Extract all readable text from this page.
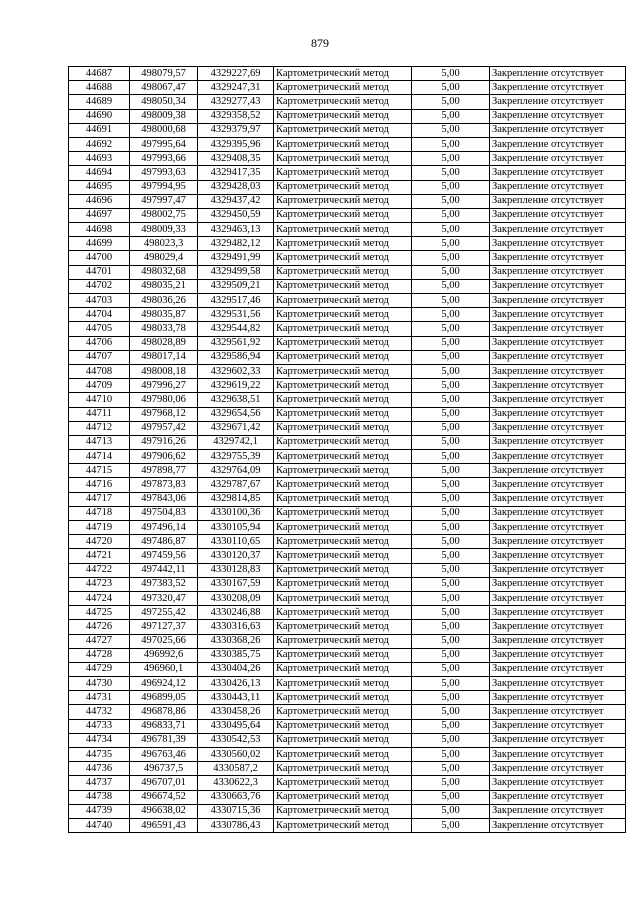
879
44687	498079,57	4329227,69	Картометрический метод	5,00	Закрепление отсутствует
44688	498067,47	4329247,31	Картометрический метод	5,00	Закрепление отсутствует
44689	498050,34	4329277,43	Картометрический метод	5,00	Закрепление отсутствует
44690	498009,38	4329358,52	Картометрический метод	5,00	Закрепление отсутствует
44691	498000,68	4329379,97	Картометрический метод	5,00	Закрепление отсутствует
44692	497995,64	4329395,96	Картометрический метод	5,00	Закрепление отсутствует
44693	497993,66	4329408,35	Картометрический метод	5,00	Закрепление отсутствует
44694	497993,63	4329417,35	Картометрический метод	5,00	Закрепление отсутствует
44695	497994,95	4329428,03	Картометрический метод	5,00	Закрепление отсутствует
44696	497997,47	4329437,42	Картометрический метод	5,00	Закрепление отсутствует
44697	498002,75	4329450,59	Картометрический метод	5,00	Закрепление отсутствует
44698	498009,33	4329463,13	Картометрический метод	5,00	Закрепление отсутствует
44699	498023,3	4329482,12	Картометрический метод	5,00	Закрепление отсутствует
44700	498029,4	4329491,99	Картометрический метод	5,00	Закрепление отсутствует
44701	498032,68	4329499,58	Картометрический метод	5,00	Закрепление отсутствует
44702	498035,21	4329509,21	Картометрический метод	5,00	Закрепление отсутствует
44703	498036,26	4329517,46	Картометрический метод	5,00	Закрепление отсутствует
44704	498035,87	4329531,56	Картометрический метод	5,00	Закрепление отсутствует
44705	498033,78	4329544,82	Картометрический метод	5,00	Закрепление отсутствует
44706	498028,89	4329561,92	Картометрический метод	5,00	Закрепление отсутствует
44707	498017,14	4329586,94	Картометрический метод	5,00	Закрепление отсутствует
44708	498008,18	4329602,33	Картометрический метод	5,00	Закрепление отсутствует
44709	497996,27	4329619,22	Картометрический метод	5,00	Закрепление отсутствует
44710	497980,06	4329638,51	Картометрический метод	5,00	Закрепление отсутствует
44711	497968,12	4329654,56	Картометрический метод	5,00	Закрепление отсутствует
44712	497957,42	4329671,42	Картометрический метод	5,00	Закрепление отсутствует
44713	497916,26	4329742,1	Картометрический метод	5,00	Закрепление отсутствует
44714	497906,62	4329755,39	Картометрический метод	5,00	Закрепление отсутствует
44715	497898,77	4329764,09	Картометрический метод	5,00	Закрепление отсутствует
44716	497873,83	4329787,67	Картометрический метод	5,00	Закрепление отсутствует
44717	497843,06	4329814,85	Картометрический метод	5,00	Закрепление отсутствует
44718	497504,83	4330100,36	Картометрический метод	5,00	Закрепление отсутствует
44719	497496,14	4330105,94	Картометрический метод	5,00	Закрепление отсутствует
44720	497486,87	4330110,65	Картометрический метод	5,00	Закрепление отсутствует
44721	497459,56	4330120,37	Картометрический метод	5,00	Закрепление отсутствует
44722	497442,11	4330128,83	Картометрический метод	5,00	Закрепление отсутствует
44723	497383,52	4330167,59	Картометрический метод	5,00	Закрепление отсутствует
44724	497320,47	4330208,09	Картометрический метод	5,00	Закрепление отсутствует
44725	497255,42	4330246,88	Картометрический метод	5,00	Закрепление отсутствует
44726	497127,37	4330316,63	Картометрический метод	5,00	Закрепление отсутствует
44727	497025,66	4330368,26	Картометрический метод	5,00	Закрепление отсутствует
44728	496992,6	4330385,75	Картометрический метод	5,00	Закрепление отсутствует
44729	496960,1	4330404,26	Картометрический метод	5,00	Закрепление отсутствует
44730	496924,12	4330426,13	Картометрический метод	5,00	Закрепление отсутствует
44731	496899,05	4330443,11	Картометрический метод	5,00	Закрепление отсутствует
44732	496878,86	4330458,26	Картометрический метод	5,00	Закрепление отсутствует
44733	496833,71	4330495,64	Картометрический метод	5,00	Закрепление отсутствует
44734	496781,39	4330542,53	Картометрический метод	5,00	Закрепление отсутствует
44735	496763,46	4330560,02	Картометрический метод	5,00	Закрепление отсутствует
44736	496737,5	4330587,2	Картометрический метод	5,00	Закрепление отсутствует
44737	496707,01	4330622,3	Картометрический метод	5,00	Закрепление отсутствует
44738	496674,52	4330663,76	Картометрический метод	5,00	Закрепление отсутствует
44739	496638,02	4330715,36	Картометрический метод	5,00	Закрепление отсутствует
44740	496591,43	4330786,43	Картометрический метод	5,00	Закрепление отсутствует
